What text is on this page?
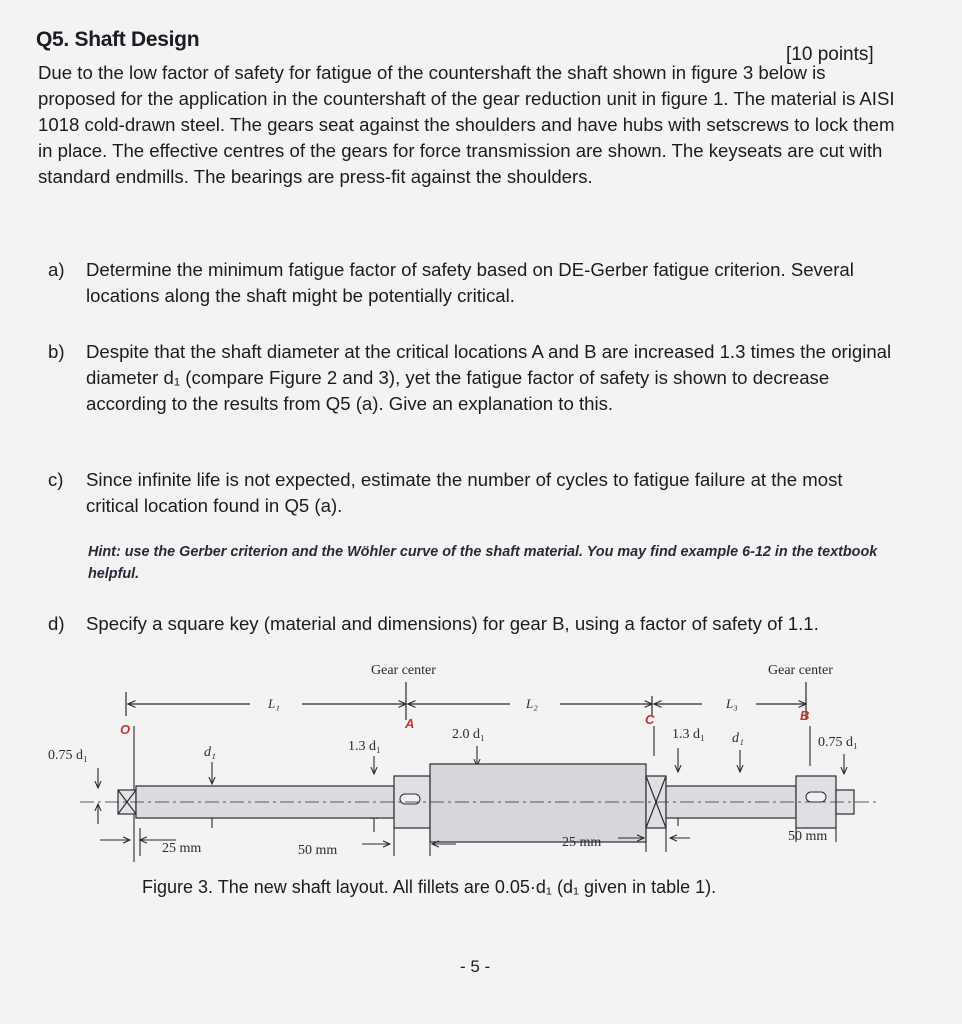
Q5. Shaft Design
[10 points]
Due to the low factor of safety for fatigue of the countershaft the shaft shown in figure 3 below is proposed for the application in the countershaft of the gear reduction unit in figure 1. The material is AISI 1018 cold-drawn steel. The gears seat against the shoulders and have hubs with setscrews to lock them in place. The effective centres of the gears for force transmission are shown. The keyseats are cut with standard endmills. The bearings are press-fit against the shoulders.
a) Determine the minimum fatigue factor of safety based on DE-Gerber fatigue criterion. Several locations along the shaft might be potentially critical.
b) Despite that the shaft diameter at the critical locations A and B are increased 1.3 times the original diameter d₁ (compare Figure 2 and 3), yet the fatigue factor of safety is shown to decrease according to the results from Q5 (a). Give an explanation to this.
c) Since infinite life is not expected, estimate the number of cycles to fatigue failure at the most critical location found in Q5 (a).
Hint: use the Gerber criterion and the Wöhler curve of the shaft material. You may find example 6-12 in the textbook helpful.
d) Specify a square key (material and dimensions) for gear B, using a factor of safety of 1.1.
Gear center	Gear center
L₁	L₂	L₃
O	A	C	B
0.75 d₁	d₁	1.3 d₁
2.0 d₁	1.3 d₁ d₁	0.75 d₁
25 mm	50 mm
25 mm	50 mm
Figure 3. The new shaft layout. All fillets are 0.05·d₁ (d₁ given in table 1).
- 5 -
